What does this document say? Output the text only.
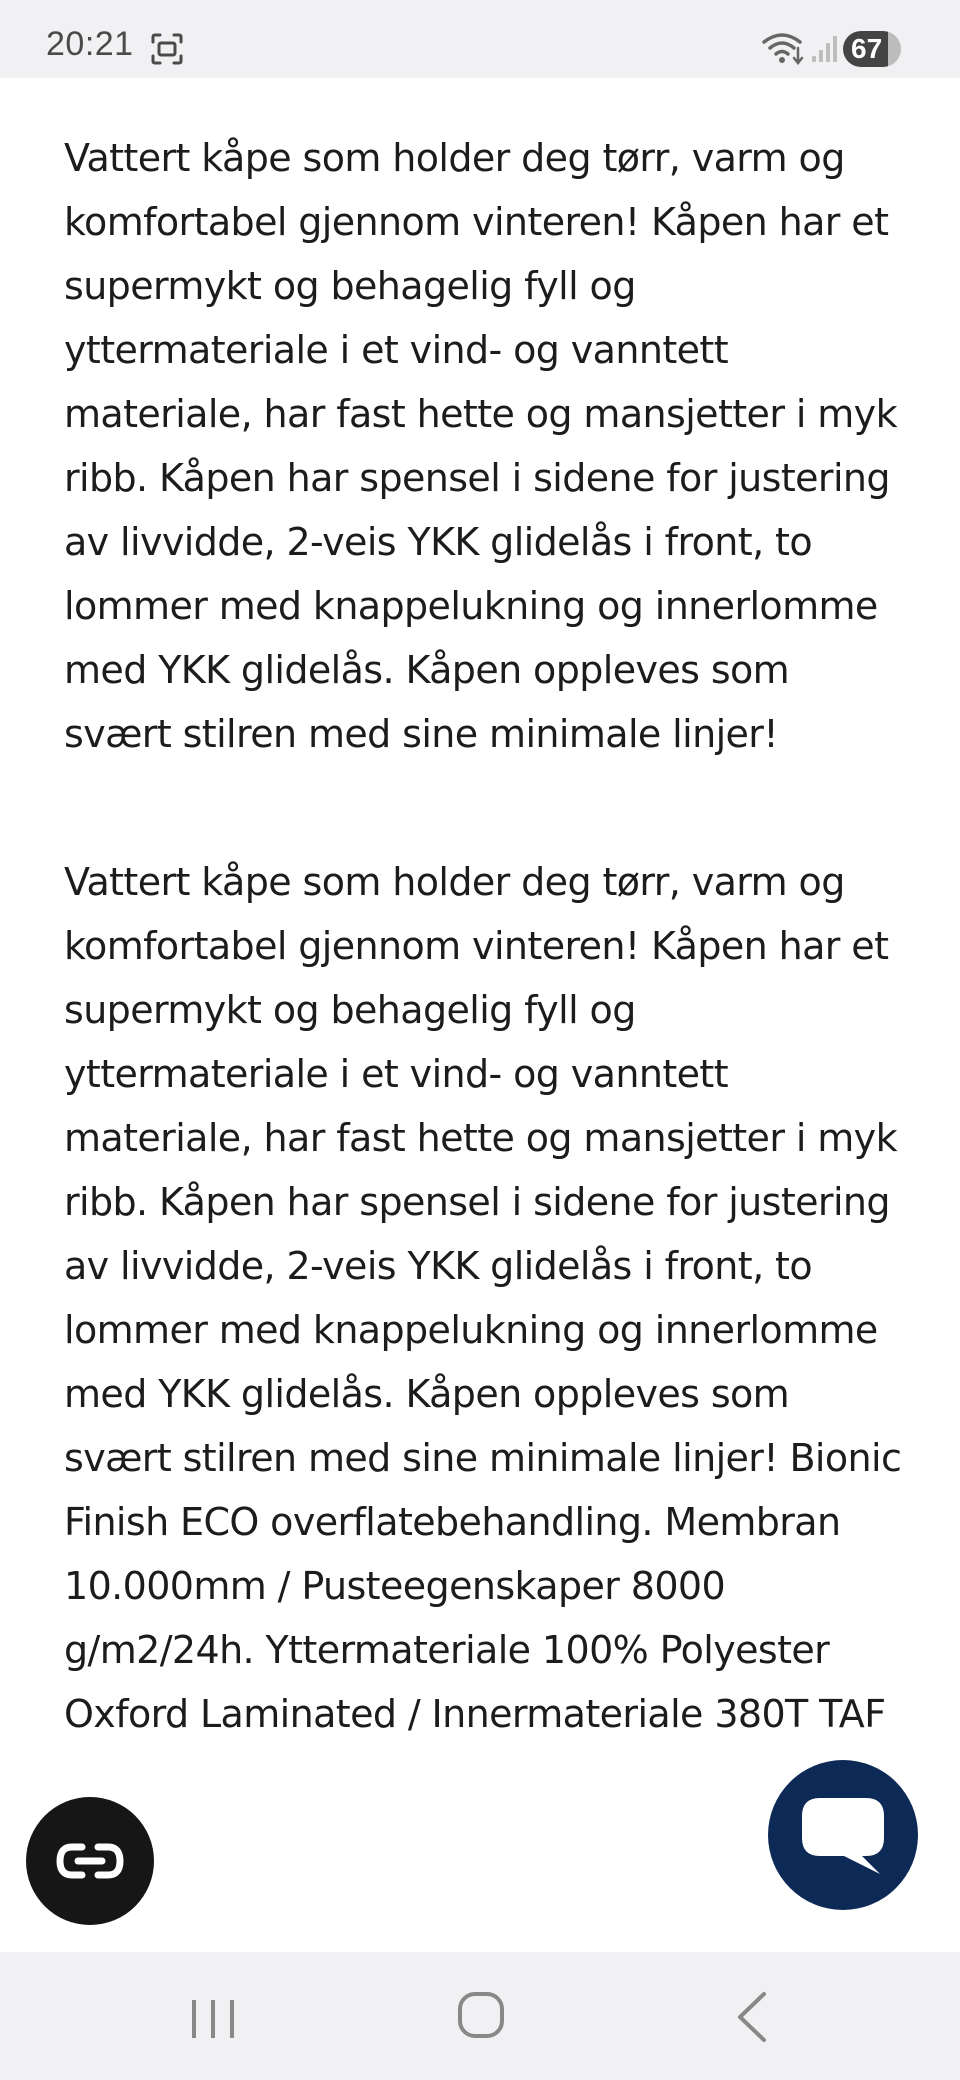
20:21	67

Vattert kåpe som holder deg tørr, varm og komfortabel gjennom vinteren! Kåpen har et supermykt og behagelig fyll og yttermateriale i et vind- og vanntett materiale, har fast hette og mansjetter i myk ribb. Kåpen har spensel i sidene for justering av livvidde, 2-veis YKK glidelås i front, to lommer med knappelukning og innerlomme med YKK glidelås. Kåpen oppleves som svært stilren med sine minimale linjer!

Vattert kåpe som holder deg tørr, varm og komfortabel gjennom vinteren! Kåpen har et supermykt og behagelig fyll og yttermateriale i et vind- og vanntett materiale, har fast hette og mansjetter i myk ribb. Kåpen har spensel i sidene for justering av livvidde, 2-veis YKK glidelås i front, to lommer med knappelukning og innerlomme med YKK glidelås. Kåpen oppleves som svært stilren med sine minimale linjer! Bionic Finish ECO overflatebehandling. Membran 10.000mm / Pusteegenskaper 8000 g/m2/24h. Yttermateriale 100% Polyester Oxford Laminated / Innermateriale 380T TAF
